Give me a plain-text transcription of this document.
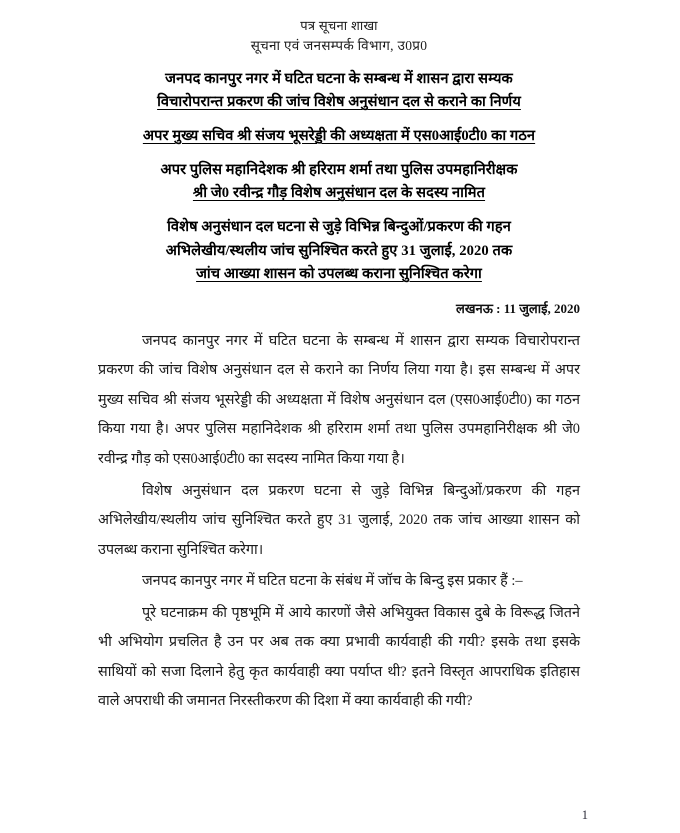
पत्र सूचना शाखा
सूचना एवं जनसम्पर्क विभाग, उ0प्र0
जनपद कानपुर नगर में घटित घटना के सम्बन्ध में शासन द्वारा सम्यक
विचारोपरान्त प्रकरण की जांच विशेष अनुसंधान दल से कराने का निर्णय
अपर मुख्य सचिव श्री संजय भूसरेड्डी की अध्यक्षता में एस0आई0टी0 का गठन
अपर पुलिस महानिदेशक श्री हरिराम शर्मा तथा पुलिस उपमहानिरीक्षक
श्री जे0 रवीन्द्र गौड़ विशेष अनुसंधान दल के सदस्य नामित
विशेष अनुसंधान दल घटना से जुड़े विभिन्न बिन्दुओं/प्रकरण की गहन
अभिलेखीय/स्थलीय जांच सुनिश्चित करते हुए 31 जुलाई, 2020 तक
जांच आख्या शासन को उपलब्ध कराना सुनिश्चित करेगा
लखनऊ : 11 जुलाई, 2020

जनपद कानपुर नगर में घटित घटना के सम्बन्ध में शासन द्वारा सम्यक विचारोपरान्त प्रकरण की जांच विशेष अनुसंधान दल से कराने का निर्णय लिया गया है। इस सम्बन्ध में अपर मुख्य सचिव श्री संजय भूसरेड्डी की अध्यक्षता में विशेष अनुसंधान दल (एस0आई0टी0) का गठन किया गया है। अपर पुलिस महानिदेशक श्री हरिराम शर्मा तथा पुलिस उपमहानिरीक्षक श्री जे0 रवीन्द्र गौड़ को एस0आई0टी0 का सदस्य नामित किया गया है।

विशेष अनुसंधान दल प्रकरण घटना से जुड़े विभिन्न बिन्दुओं/प्रकरण की गहन अभिलेखीय/स्थलीय जांच सुनिश्चित करते हुए 31 जुलाई, 2020 तक जांच आख्या शासन को उपलब्ध कराना सुनिश्चित करेगा।

जनपद कानपुर नगर में घटित घटना के संबंध में जॉच के बिन्दु इस प्रकार हैं :–

पूरे घटनाक्रम की पृष्ठभूमि में आये कारणों जैसे अभियुक्त विकास दुबे के विरूद्ध जितने भी अभियोग प्रचलित है उन पर अब तक क्या प्रभावी कार्यवाही की गयी? इसके तथा इसके साथियों को सजा दिलाने हेतु कृत कार्यवाही क्या पर्याप्त थी? इतने विस्तृत आपराधिक इतिहास वाले अपराधी की जमानत निरस्तीकरण की दिशा में क्या कार्यवाही की गयी?

1
